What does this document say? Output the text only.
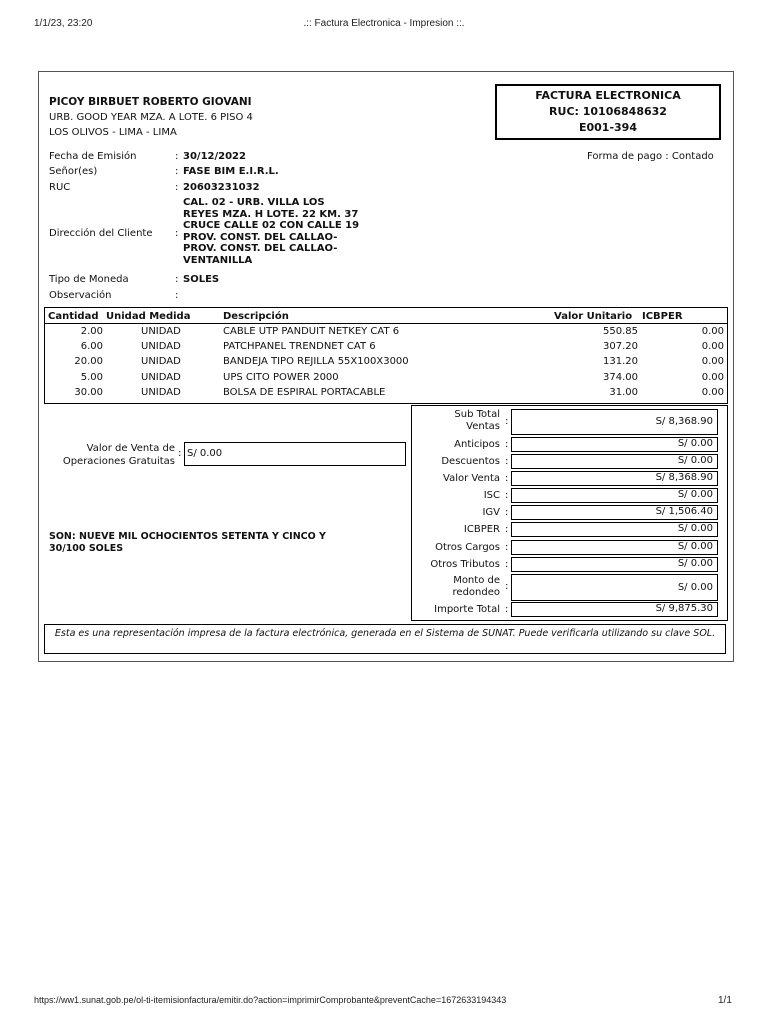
1/1/23, 23:20	.:: Factura Electronica - Impresion ::.
https://ww1.sunat.gob.pe/ol-ti-itemisionfactura/emitir.do?action=imprimirComprobante&preventCache=1672633194343	1/1
PICOY BIRBUET ROBERTO GIOVANI
URB. GOOD YEAR MZA. A LOTE. 6 PISO 4
LOS OLIVOS - LIMA - LIMA
FACTURA ELECTRONICA
RUC: 10106848632
E001-394
Fecha de Emisión	: 30/12/2022	Forma de pago : Contado
Señor(es)	: FASE BIM E.I.R.L.
RUC	: 20603231032
Dirección del Cliente :
CAL. 02 - URB. VILLA LOS
REYES MZA. H LOTE. 22 KM. 37
CRUCE CALLE 02 CON CALLE 19
PROV. CONST. DEL CALLAO-
PROV. CONST. DEL CALLAO-
VENTANILLA
Tipo de Moneda	: SOLES
Observación	:
Cantidad Unidad Medida	Descripción	Valor Unitario ICBPER
2.00	UNIDAD	CABLE UTP PANDUIT NETKEY CAT 6	550.85	0.00
6.00	UNIDAD	PATCHPANEL TRENDNET CAT 6	307.20	0.00
20.00	UNIDAD	BANDEJA TIPO REJILLA 55X100X3000	131.20	0.00
5.00	UNIDAD	UPS CITO POWER 2000	374.00	0.00
30.00	UNIDAD	BOLSA DE ESPIRAL PORTACABLE	31.00	0.00
Valor de Venta de
Operaciones Gratuitas
: S/ 0.00
SON: NUEVE MIL OCHOCIENTOS SETENTA Y CINCO Y
30/100 SOLES
Sub Total
Ventas :	S/ 8,368.90
Anticipos :	S/ 0.00
Descuentos :	S/ 0.00
Valor Venta :	S/ 8,368.90
ISC :	S/ 0.00
IGV :	S/ 1,506.40
ICBPER :	S/ 0.00
Otros Cargos :	S/ 0.00
Otros Tributos :	S/ 0.00
Monto de
redondeo
:	S/ 0.00
Importe Total :	S/ 9,875.30
Esta es una representación impresa de la factura electrónica, generada en el Sistema de SUNAT. Puede verificarla utilizando su clave SOL.
